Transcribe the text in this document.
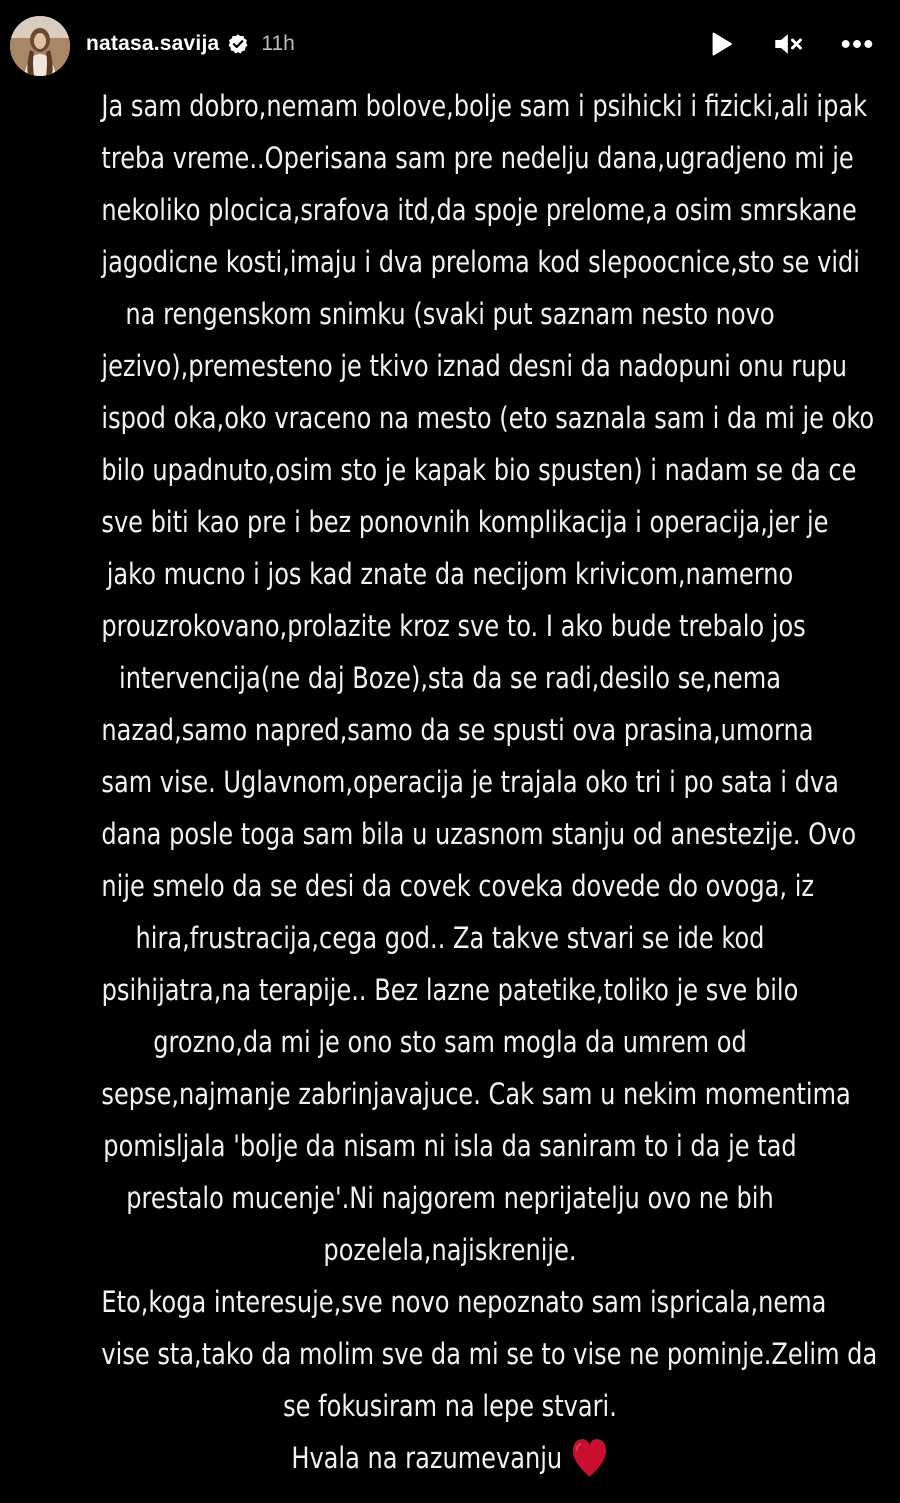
natasa.savija 11h
Ja sam dobro,nemam bolove,bolje sam i psihicki i fizicki,ali ipak
treba vreme..Operisana sam pre nedelju dana,ugradjeno mi je
nekoliko plocica,srafova itd,da spoje prelome,a osim smrskane
jagodicne kosti,imaju i dva preloma kod slepoocnice,sto se vidi
na rengenskom snimku (svaki put saznam nesto novo
jezivo),premesteno je tkivo iznad desni da nadopuni onu rupu
ispod oka,oko vraceno na mesto (eto saznala sam i da mi je oko
bilo upadnuto,osim sto je kapak bio spusten) i nadam se da ce
sve biti kao pre i bez ponovnih komplikacija i operacija,jer je
jako mucno i jos kad znate da necijom krivicom,namerno
prouzrokovano,prolazite kroz sve to. I ako bude trebalo jos
intervencija(ne daj Boze),sta da se radi,desilo se,nema
nazad,samo napred,samo da se spusti ova prasina,umorna
sam vise. Uglavnom,operacija je trajala oko tri i po sata i dva
dana posle toga sam bila u uzasnom stanju od anestezije. Ovo
nije smelo da se desi da covek coveka dovede do ovoga, iz
hira,frustracija,cega god.. Za takve stvari se ide kod
psihijatra,na terapije.. Bez lazne patetike,toliko je sve bilo
grozno,da mi je ono sto sam mogla da umrem od
sepse,najmanje zabrinjavajuce. Cak sam u nekim momentima
pomisljala 'bolje da nisam ni isla da saniram to i da je tad
prestalo mucenje'.Ni najgorem neprijatelju ovo ne bih
pozelela,najiskrenije.
Eto,koga interesuje,sve novo nepoznato sam ispricala,nema
vise sta,tako da molim sve da mi se to vise ne pominje.Zelim da
se fokusiram na lepe stvari.
Hvala na razumevanju
